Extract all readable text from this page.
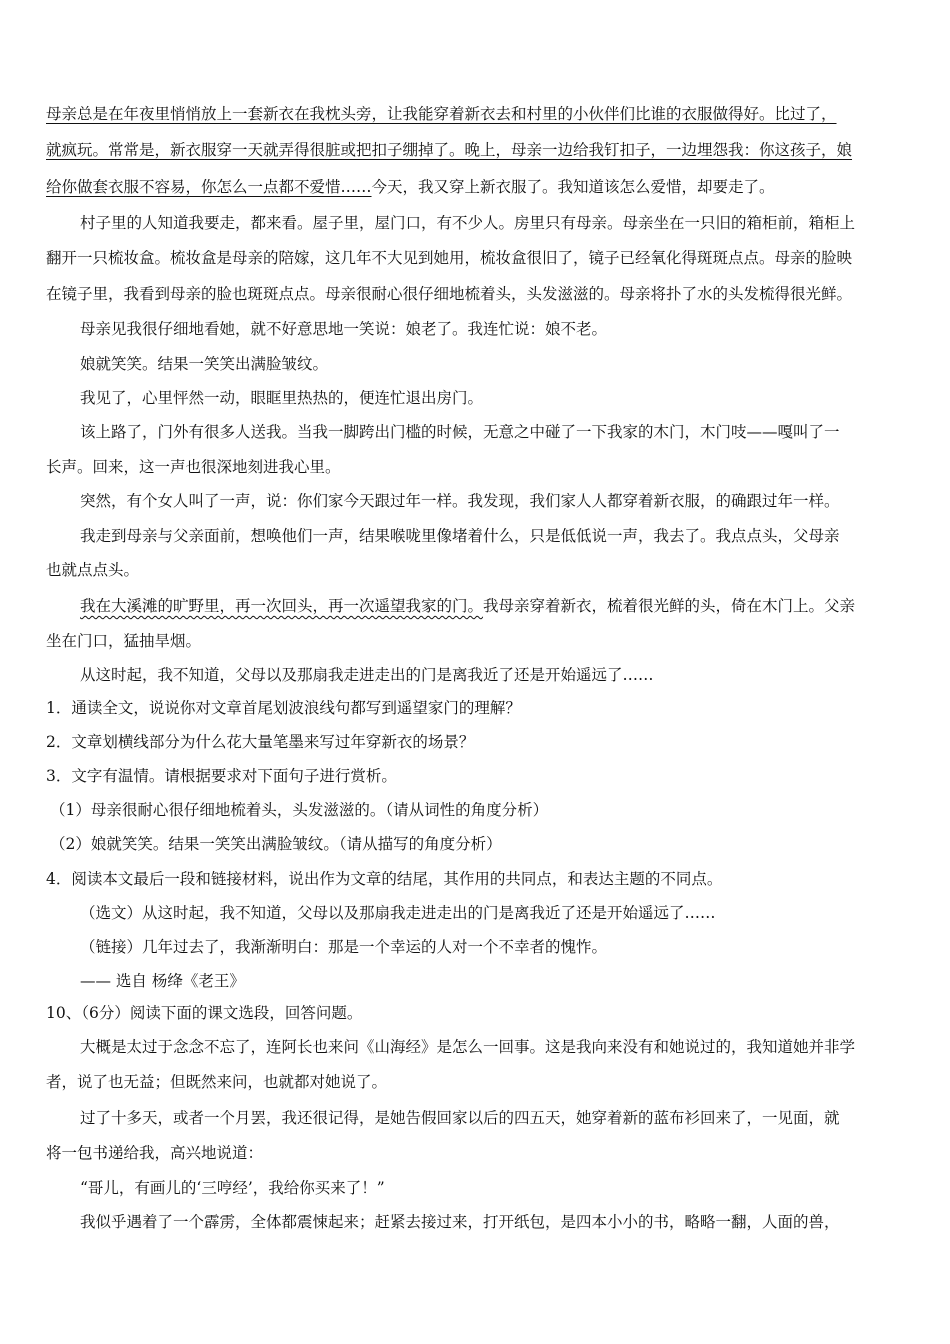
母亲总是在年夜里悄悄放上一套新衣在我枕头旁，让我能穿着新衣去和村里的小伙伴们比谁的衣服做得好。比过了，

就疯玩。常常是，新衣服穿一天就弄得很脏或把扣子绷掉了。晚上，母亲一边给我钉扣子，一边埋怨我：你这孩子，娘

给你做套衣服不容易，你怎么一点都不爱惜……今天，我又穿上新衣服了。我知道该怎么爱惜，却要走了。

村子里的人知道我要走，都来看。屋子里，屋门口，有不少人。房里只有母亲。母亲坐在一只旧的箱柜前，箱柜上

翻开一只梳妆盒。梳妆盒是母亲的陪嫁，这几年不大见到她用，梳妆盒很旧了，镜子已经氧化得斑斑点点。母亲的脸映

在镜子里，我看到母亲的脸也斑斑点点。母亲很耐心很仔细地梳着头，头发滋滋的。母亲将扑了水的头发梳得很光鲜。

母亲见我很仔细地看她，就不好意思地一笑说：娘老了。我连忙说：娘不老。

娘就笑笑。结果一笑笑出满脸皱纹。

我见了，心里怦然一动，眼眶里热热的，便连忙退出房门。

该上路了，门外有很多人送我。当我一脚跨出门槛的时候，无意之中碰了一下我家的木门，木门吱——嘎叫了一

长声。回来，这一声也很深地刻进我心里。

突然，有个女人叫了一声，说：你们家今天跟过年一样。我发现，我们家人人都穿着新衣服，的确跟过年一样。

我走到母亲与父亲面前，想唤他们一声，结果喉咙里像堵着什么，只是低低说一声，我去了。我点点头，父母亲

也就点点头。

我在大溪滩的旷野里，再一次回头，再一次遥望我家的门。我母亲穿着新衣，梳着很光鲜的头，倚在木门上。父亲

坐在门口，猛抽旱烟。

从这时起，我不知道，父母以及那扇我走进走出的门是离我近了还是开始遥远了……

1．通读全文，说说你对文章首尾划波浪线句都写到遥望家门的理解？

2．文章划横线部分为什么花大量笔墨来写过年穿新衣的场景？

3．文字有温情。请根据要求对下面句子进行赏析。

（1）母亲很耐心很仔细地梳着头，头发滋滋的。（请从词性的角度分析）

（2）娘就笑笑。结果一笑笑出满脸皱纹。（请从描写的角度分析）

4．阅读本文最后一段和链接材料，说出作为文章的结尾，其作用的共同点，和表达主题的不同点。

（选文）从这时起，我不知道，父母以及那扇我走进走出的门是离我近了还是开始遥远了……

（链接）几年过去了，我渐渐明白：那是一个幸运的人对一个不幸者的愧怍。

—— 选自 杨绛《老王》

10、（6分）阅读下面的课文选段，回答问题。

大概是太过于念念不忘了，连阿长也来问《山海经》是怎么一回事。这是我向来没有和她说过的，我知道她并非学

者，说了也无益；但既然来问，也就都对她说了。

过了十多天，或者一个月罢，我还很记得，是她告假回家以后的四五天，她穿着新的蓝布衫回来了，一见面，就

将一包书递给我，高兴地说道：

“哥儿，有画儿的‘三哼经’，我给你买来了！”

我似乎遇着了一个霹雳，全体都震悚起来；赶紧去接过来，打开纸包，是四本小小的书，略略一翻，人面的兽，
